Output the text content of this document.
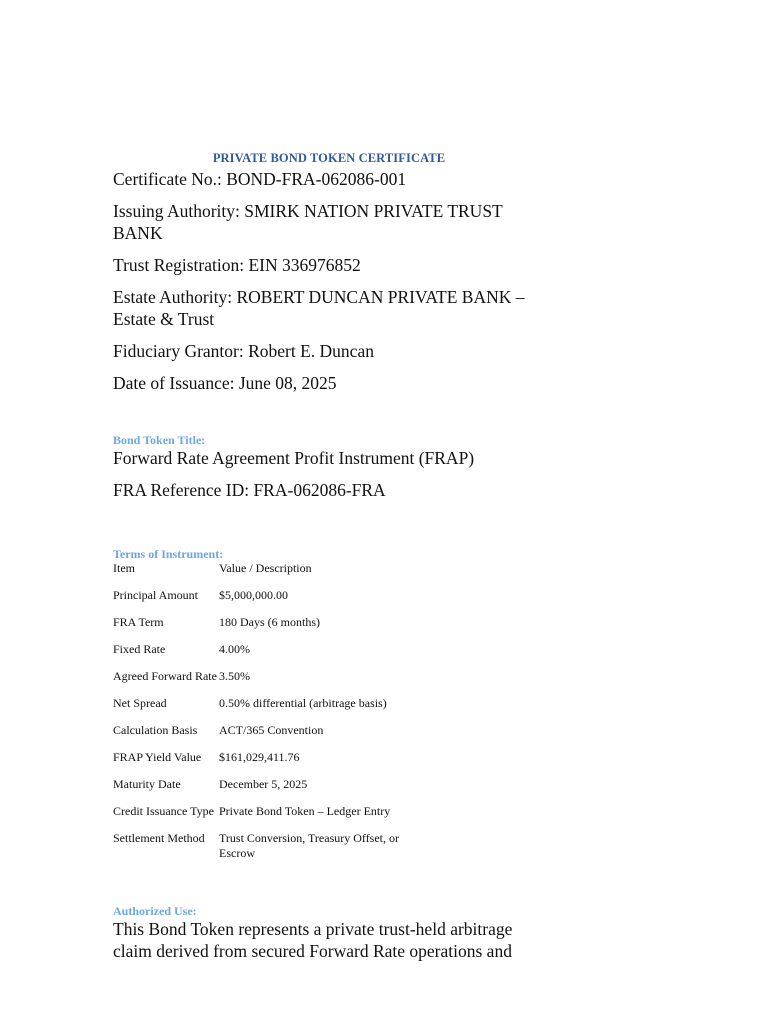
PRIVATE BOND TOKEN CERTIFICATE

Certificate No.: BOND-FRA-062086-001

Issuing Authority: SMIRK NATION PRIVATE TRUST BANK

Trust Registration: EIN 336976852

Estate Authority: ROBERT DUNCAN PRIVATE BANK – Estate & Trust

Fiduciary Grantor: Robert E. Duncan

Date of Issuance: June 08, 2025

Bond Token Title:

Forward Rate Agreement Profit Instrument (FRAP)

FRA Reference ID: FRA-062086-FRA

Terms of Instrument:

Item	Value / Description
Principal Amount	$5,000,000.00
FRA Term	180 Days (6 months)
Fixed Rate	4.00%
Agreed Forward Rate	3.50%
Net Spread	0.50% differential (arbitrage basis)
Calculation Basis	ACT/365 Convention
FRAP Yield Value	$161,029,411.76
Maturity Date	December 5, 2025
Credit Issuance Type	Private Bond Token – Ledger Entry
Settlement Method	Trust Conversion, Treasury Offset, or Escrow

Authorized Use:

This Bond Token represents a private trust-held arbitrage claim derived from secured Forward Rate operations and
